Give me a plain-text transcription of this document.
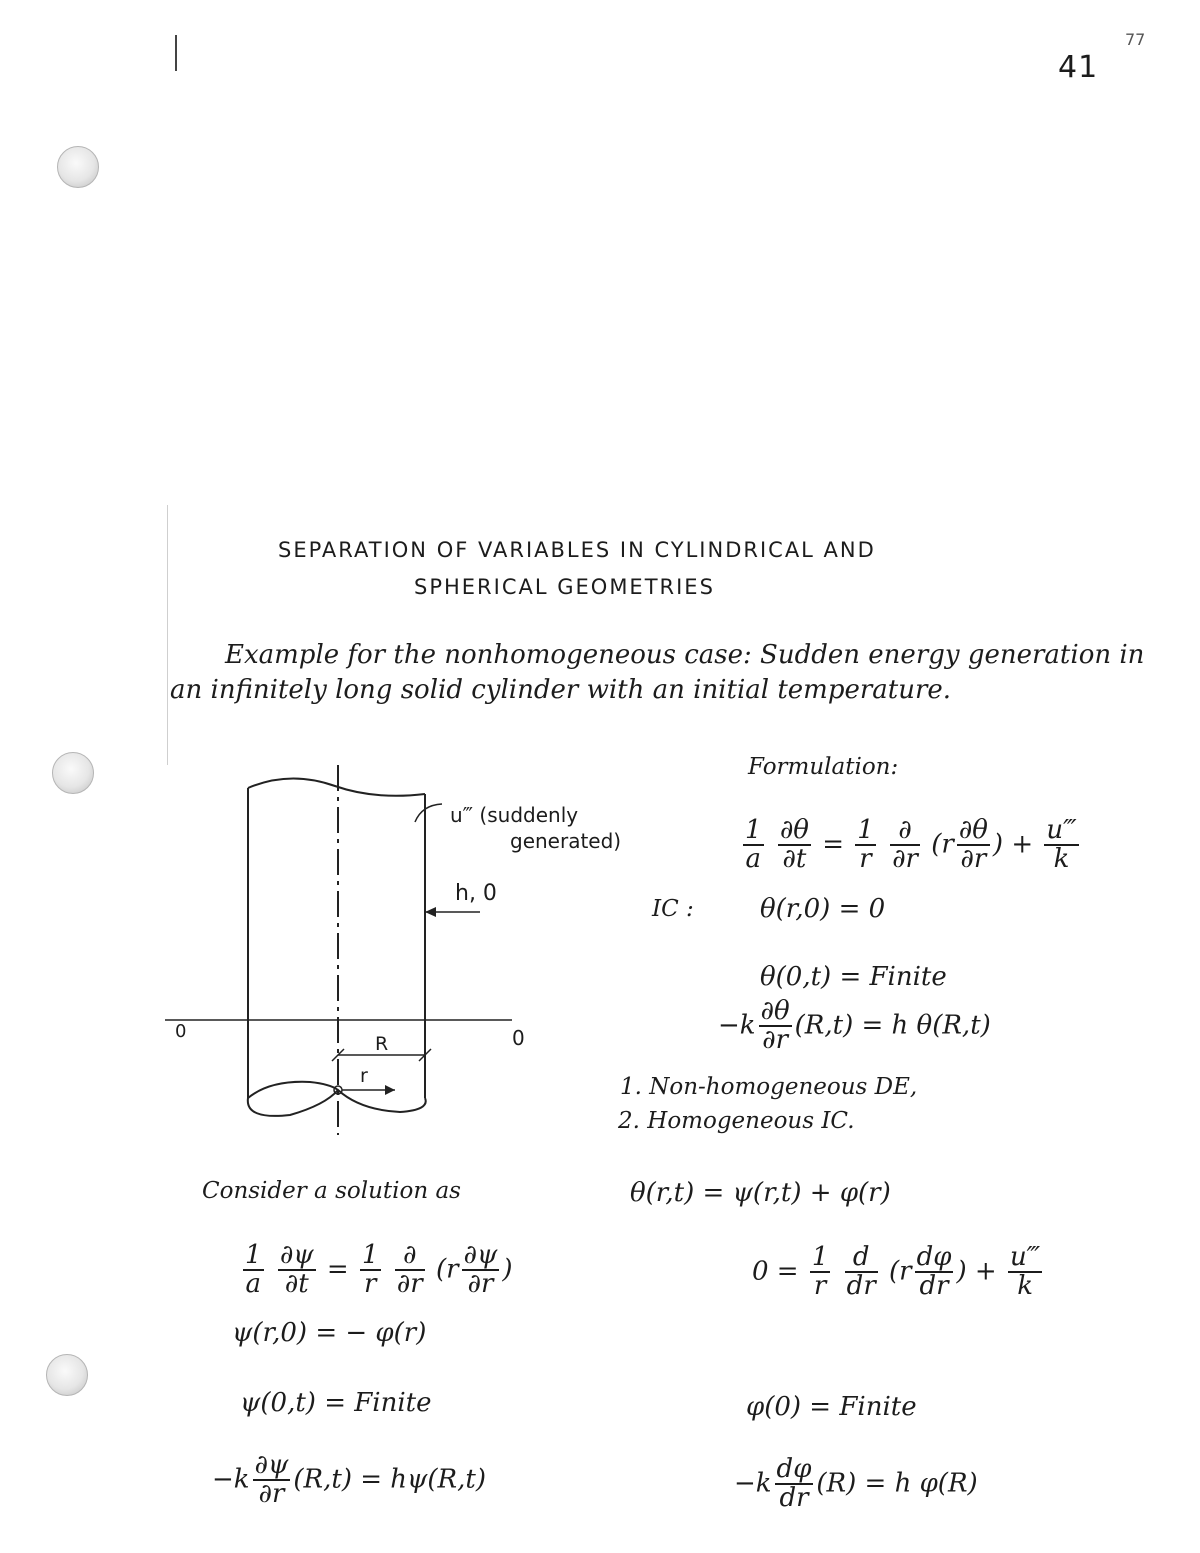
41
77
SEPARATION OF VARIABLES IN CYLINDRICAL AND
SPHERICAL GEOMETRIES
Example for the nonhomogeneous case: Sudden energy generation in an infinitely long solid cylinder with an initial temperature.
0	0
R
r
h, 0
u‴ (suddenly
generated)
Formulation:
$\frac{1}{a}$
$\frac{\partial\theta}{\partial t} = \frac{1}{r}$
$\frac{\partial}{\partial r} (r \frac{\partial\theta}{\partial r}$ ) + $\frac{u‴}{k}$
IC :	θ(r,0) = 0
θ(0,t) = Finite
$-k \frac{\partial\theta}{\partial r} (R,t) = h$ θ(R,t)
1. Non-homogeneous DE,
2. Homogeneous IC.
Consider a solution as	θ(r,t) = ψ(r,t) + φ(r)
$\frac{1}{a}$
$\frac{\partial\psi}{\partial t} = \frac{1}{r}$
$\frac{\partial}{\partial r} (r \frac{\partial\psi}{\partial r}$ )
ψ(r,0) = − φ(r)
ψ(0,t) = Finite
$-k \frac{\partial\psi}{\partial r} (R,t) = h\psi(R,t)$
$0 = \frac{1}{r}$
$\frac{d}{dr} (r \frac{d\varphi}{dr}$ ) + $\frac{u‴}{k}$
φ(0) = Finite
$-k \frac{d\varphi}{dr} (R) = h$ φ(R)
